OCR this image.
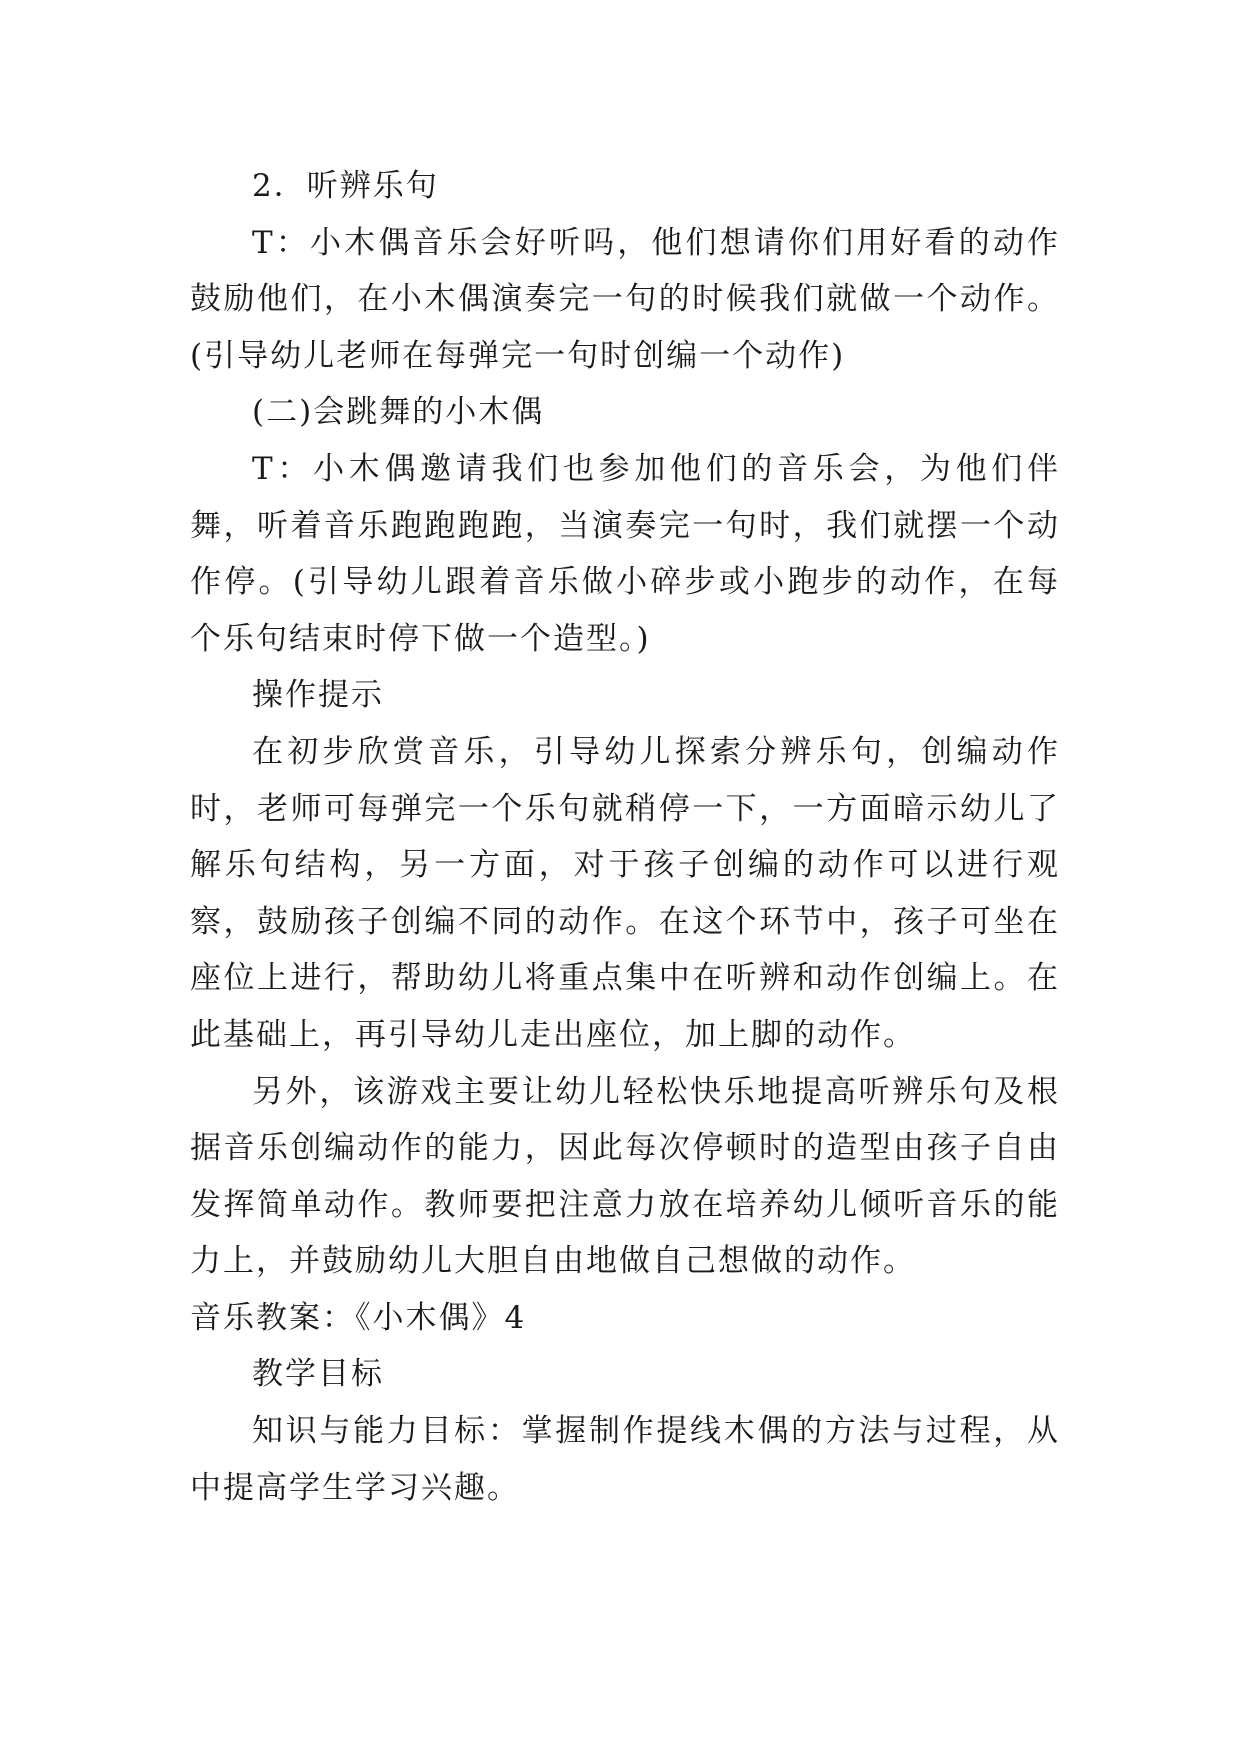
2．听辨乐句

T：小木偶音乐会好听吗，他们想请你们用好看的动作鼓励他们，在小木偶演奏完一句的时候我们就做一个动作。(引导幼儿老师在每弹完一句时创编一个动作)

(二)会跳舞的小木偶

T：小木偶邀请我们也参加他们的音乐会，为他们伴舞，听着音乐跑跑跑跑，当演奏完一句时，我们就摆一个动作停。(引导幼儿跟着音乐做小碎步或小跑步的动作，在每个乐句结束时停下做一个造型。)

操作提示

在初步欣赏音乐，引导幼儿探索分辨乐句，创编动作时，老师可每弹完一个乐句就稍停一下，一方面暗示幼儿了解乐句结构，另一方面，对于孩子创编的动作可以进行观察，鼓励孩子创编不同的动作。在这个环节中，孩子可坐在座位上进行，帮助幼儿将重点集中在听辨和动作创编上。在此基础上，再引导幼儿走出座位，加上脚的动作。

另外，该游戏主要让幼儿轻松快乐地提高听辨乐句及根据音乐创编动作的能力，因此每次停顿时的造型由孩子自由发挥简单动作。教师要把注意力放在培养幼儿倾听音乐的能力上，并鼓励幼儿大胆自由地做自己想做的动作。

音乐教案：《小木偶》4

教学目标

知识与能力目标：掌握制作提线木偶的方法与过程，从中提高学生学习兴趣。
